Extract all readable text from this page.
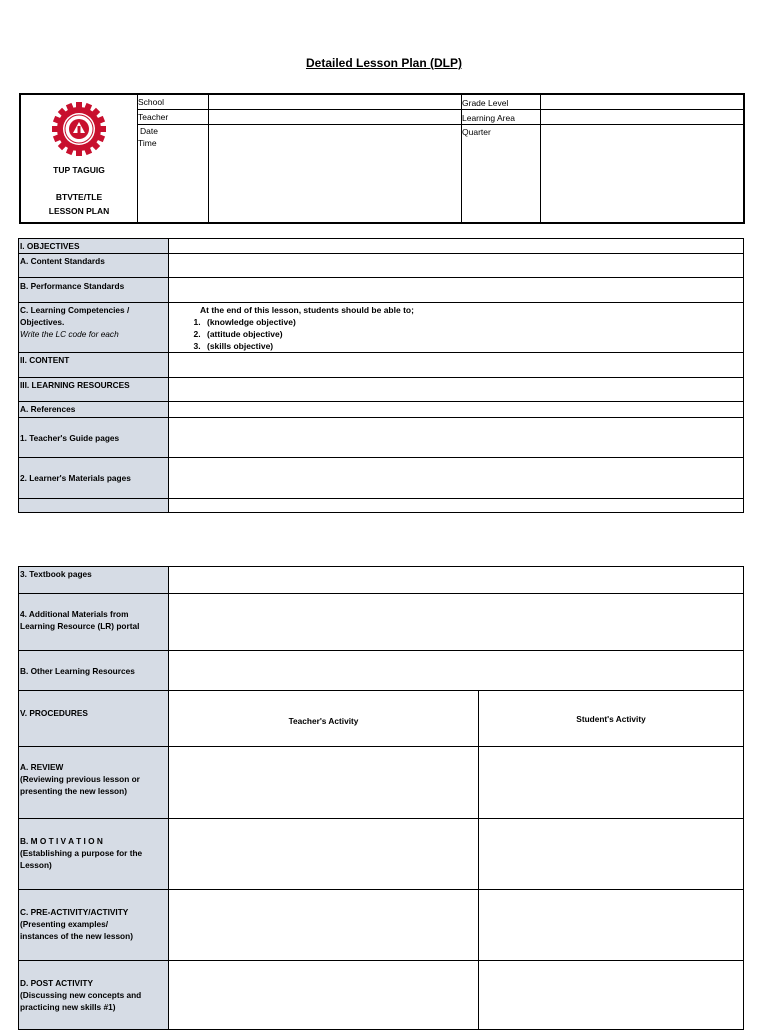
Detailed Lesson Plan (DLP)
TUP TAGUIG
BTVTE/TLE
LESSON PLAN
School
Teacher
Date
Time
Grade Level
Learning Area
Quarter
I. OBJECTIVES
A. Content Standards
B. Performance Standards
C. Learning Competencies /
Objectives.
Write the LC code for each
At the end of this lesson, students should be able to;
1. (knowledge objective)
2. (attitude objective)
3. (skills objective)
II. CONTENT
III. LEARNING RESOURCES
A. References
1. Teacher's Guide pages
2. Learner's Materials pages
3. Textbook pages
4. Additional Materials from
Learning Resource (LR) portal
B. Other Learning Resources
V. PROCEDURES
Teacher's Activity	Student's Activity
A. REVIEW
(Reviewing previous lesson or
presenting the new lesson)
B. M O T I V A T I O N
(Establishing a purpose for the
Lesson)
C. PRE-ACTIVITY/ACTIVITY
(Presenting examples/
instances of the new lesson)
D. POST ACTIVITY
(Discussing new concepts and
practicing new skills #1)
